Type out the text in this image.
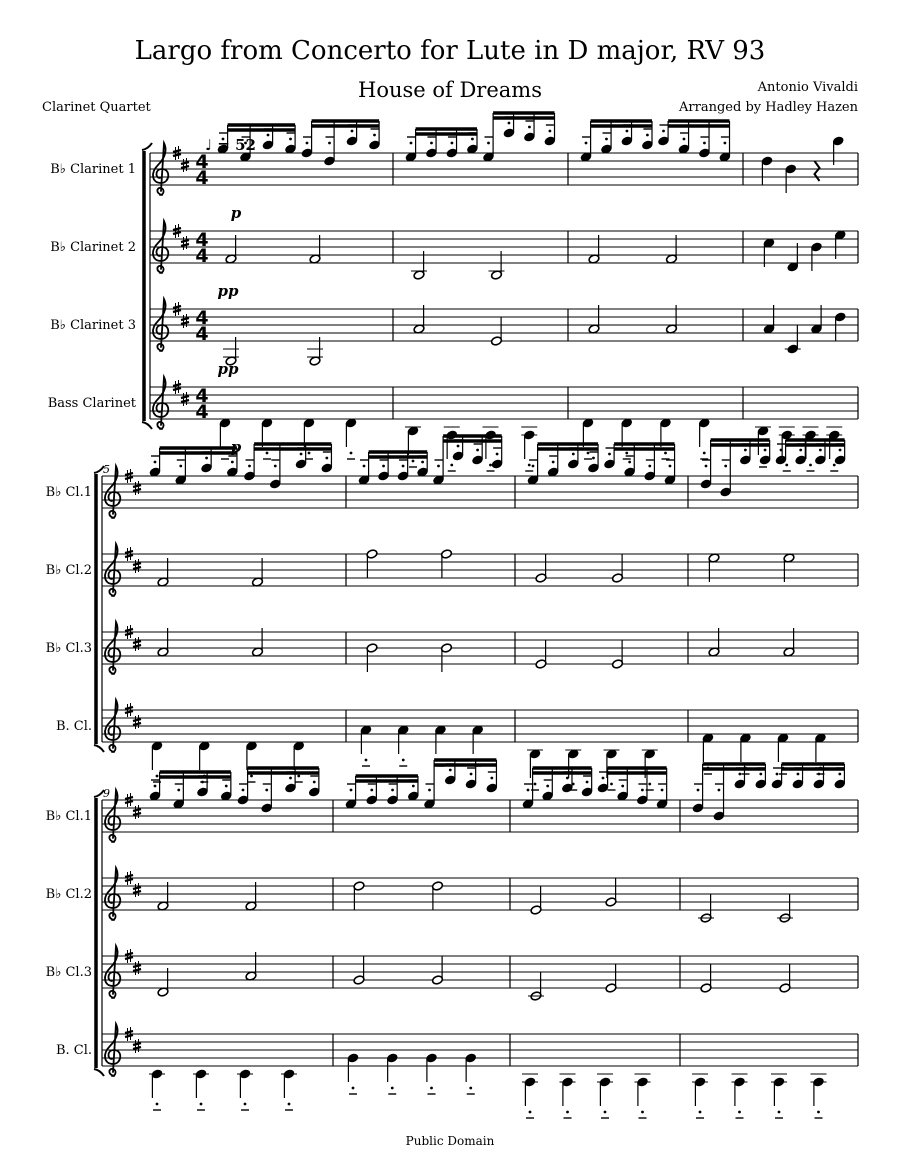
Largo from Concerto for Lute in D major, RV 93
House of Dreams
Clarinet Quartet
Antonio Vivaldi
Arranged by Hadley Hazen
B♭ Clarinet 1	4
4
B♭ Clarinet 2	4
4
B♭ Clarinet 3	4
4
Bass Clarinet	4
4
B♭ Cl.1
B♭ Cl.2
B♭ Cl.3
B. Cl.
B♭ Cl.1
B♭ Cl.2
B♭ Cl.3
B. Cl.
♩ = 52
p
pp
pp
p
5
9
Public Domain
